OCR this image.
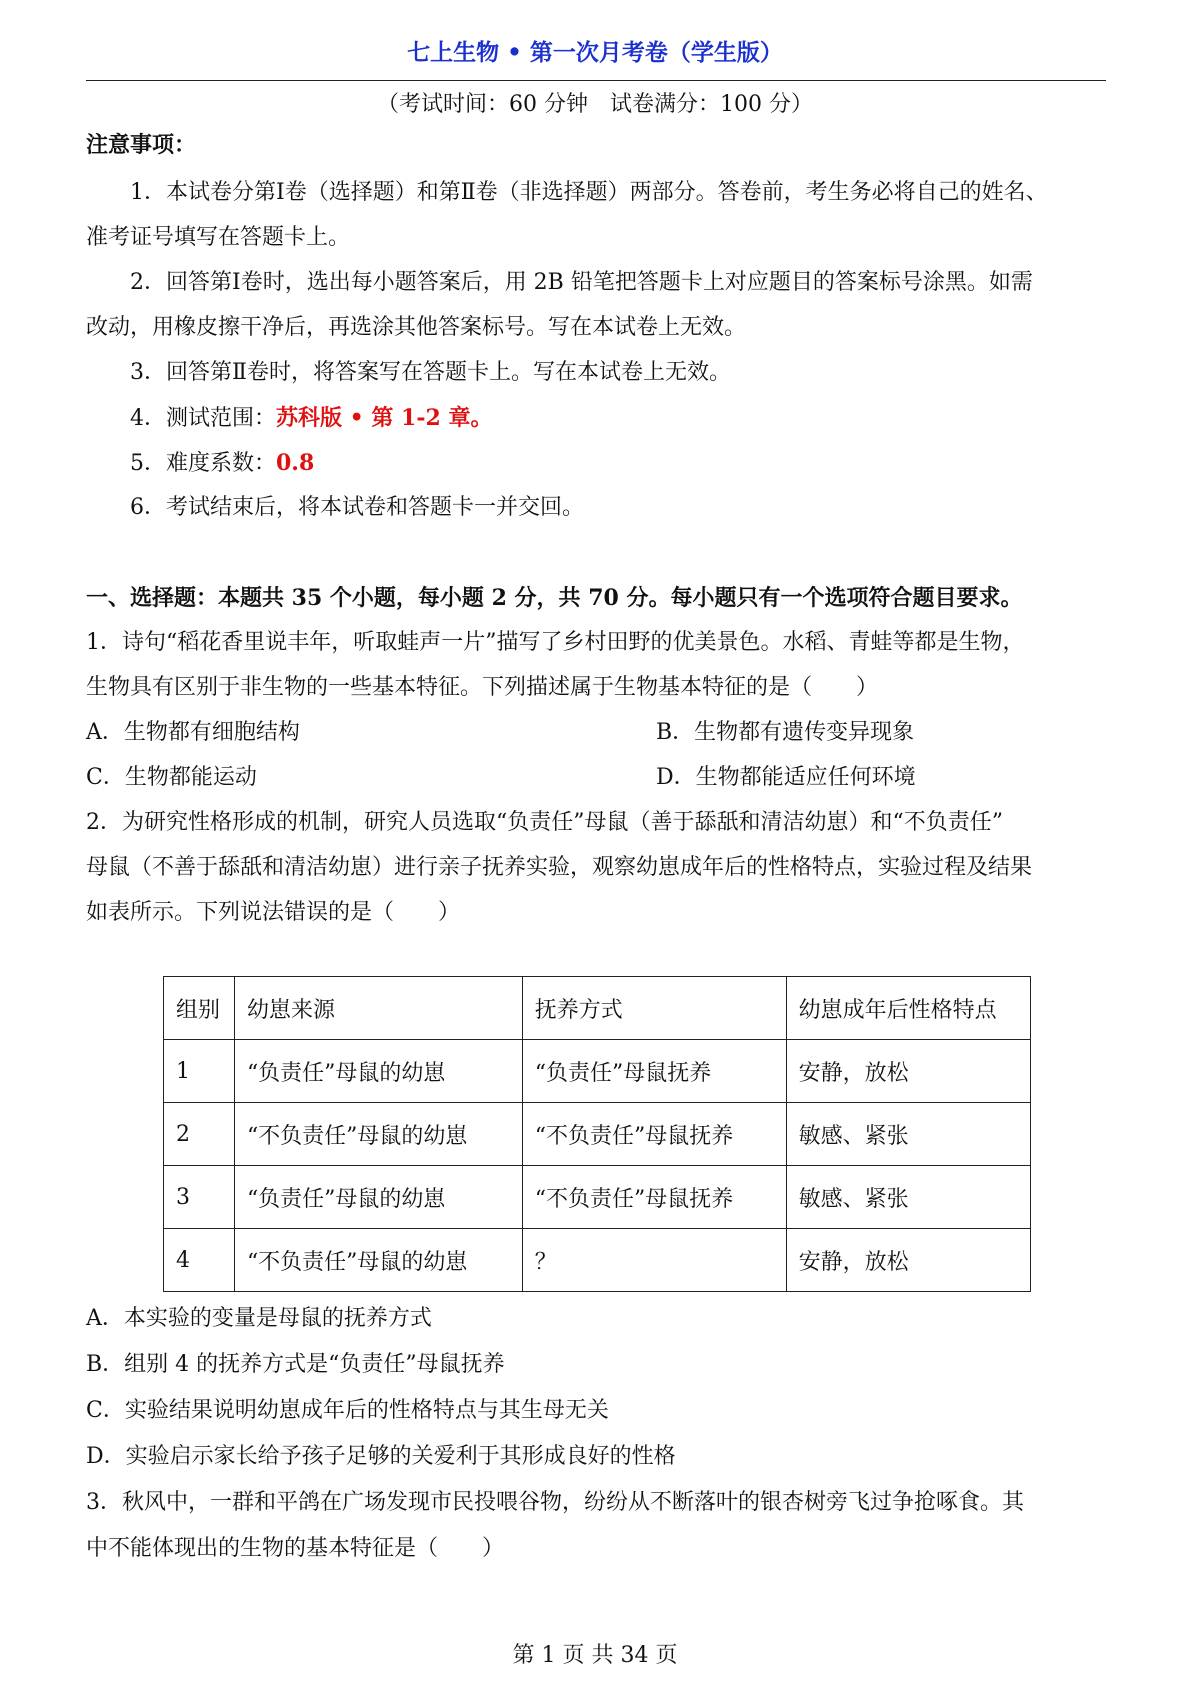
七上生物 • 第一次月考卷（学生版）
（考试时间：60 分钟　试卷满分：100 分）
注意事项：
1．本试卷分第Ⅰ卷（选择题）和第Ⅱ卷（非选择题）两部分。答卷前，考生务必将自己的姓名、
准考证号填写在答题卡上。
2．回答第Ⅰ卷时，选出每小题答案后，用 2B 铅笔把答题卡上对应题目的答案标号涂黑。如需
改动，用橡皮擦干净后，再选涂其他答案标号。写在本试卷上无效。
3．回答第Ⅱ卷时，将答案写在答题卡上。写在本试卷上无效。
4．测试范围：苏科版 • 第 1-2 章。
5．难度系数：0.8
6．考试结束后，将本试卷和答题卡一并交回。
一、选择题：本题共 35 个小题，每小题 2 分，共 70 分。每小题只有一个选项符合题目要求。
1．诗句“稻花香里说丰年，听取蛙声一片”描写了乡村田野的优美景色。水稻、青蛙等都是生物，
生物具有区别于非生物的一些基本特征。下列描述属于生物基本特征的是（　　）
A．生物都有细胞结构	B．生物都有遗传变异现象
C．生物都能运动	D．生物都能适应任何环境
2．为研究性格形成的机制，研究人员选取“负责任”母鼠（善于舔舐和清洁幼崽）和“不负责任”
母鼠（不善于舔舐和清洁幼崽）进行亲子抚养实验，观察幼崽成年后的性格特点，实验过程及结果
如表所示。下列说法错误的是（　　）
组别	幼崽来源	抚养方式	幼崽成年后性格特点
1	“负责任”母鼠的幼崽	“负责任”母鼠抚养	安静，放松
2	“不负责任”母鼠的幼崽	“不负责任”母鼠抚养	敏感、紧张
3	“负责任”母鼠的幼崽	“不负责任”母鼠抚养	敏感、紧张
4	“不负责任”母鼠的幼崽	？	安静，放松
A．本实验的变量是母鼠的抚养方式
B．组别 4 的抚养方式是“负责任”母鼠抚养
C．实验结果说明幼崽成年后的性格特点与其生母无关
D．实验启示家长给予孩子足够的关爱利于其形成良好的性格
3．秋风中，一群和平鸽在广场发现市民投喂谷物，纷纷从不断落叶的银杏树旁飞过争抢啄食。其
中不能体现出的生物的基本特征是（　　）
第 1 页 共 34 页
